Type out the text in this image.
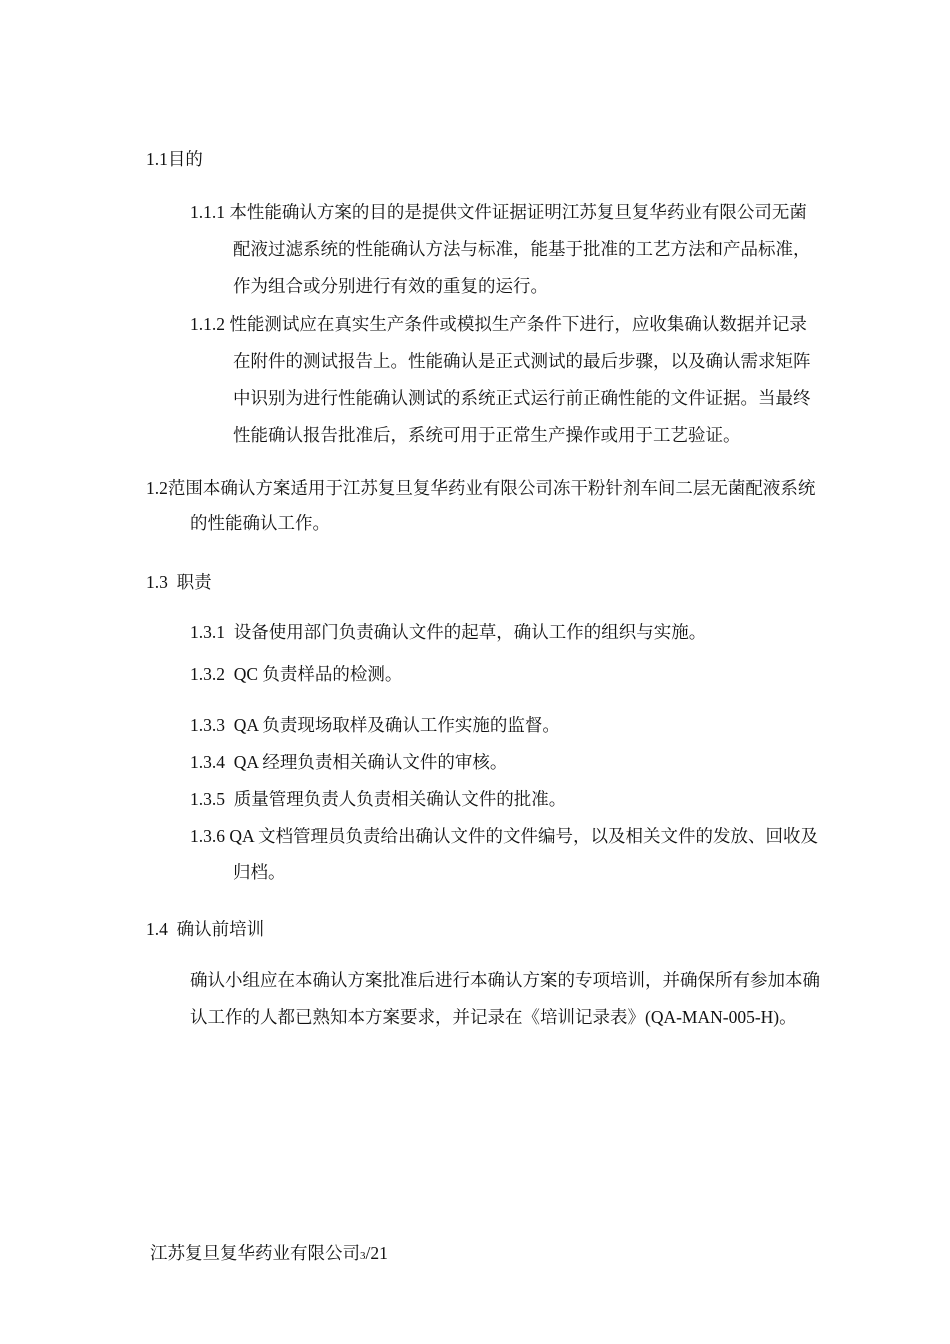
1.1目的
1.1.1 本性能确认方案的目的是提供文件证据证明江苏复旦复华药业有限公司无菌
配液过滤系统的性能确认方法与标准，能基于批准的工艺方法和产品标准，
作为组合或分别进行有效的重复的运行。
1.1.2 性能测试应在真实生产条件或模拟生产条件下进行，应收集确认数据并记录
在附件的测试报告上。性能确认是正式测试的最后步骤，以及确认需求矩阵
中识别为进行性能确认测试的系统正式运行前正确性能的文件证据。当最终
性能确认报告批准后，系统可用于正常生产操作或用于工艺验证。
1.2范围本确认方案适用于江苏复旦复华药业有限公司冻干粉针剂车间二层无菌配液系统
的性能确认工作。
1.3 职责
1.3.1 设备使用部门负责确认文件的起草，确认工作的组织与实施。
1.3.2 QC 负责样品的检测。
1.3.3 QA 负责现场取样及确认工作实施的监督。
1.3.4 QA 经理负责相关确认文件的审核。
1.3.5 质量管理负责人负责相关确认文件的批准。
1.3.6 QA 文档管理员负责给出确认文件的文件编号，以及相关文件的发放、回收及
归档。
1.4 确认前培训
确认小组应在本确认方案批准后进行本确认方案的专项培训，并确保所有参加本确
认工作的人都已熟知本方案要求，并记录在《培训记录表》(QA-MAN-005-H)。
江苏复旦复华药业有限公司3/21
